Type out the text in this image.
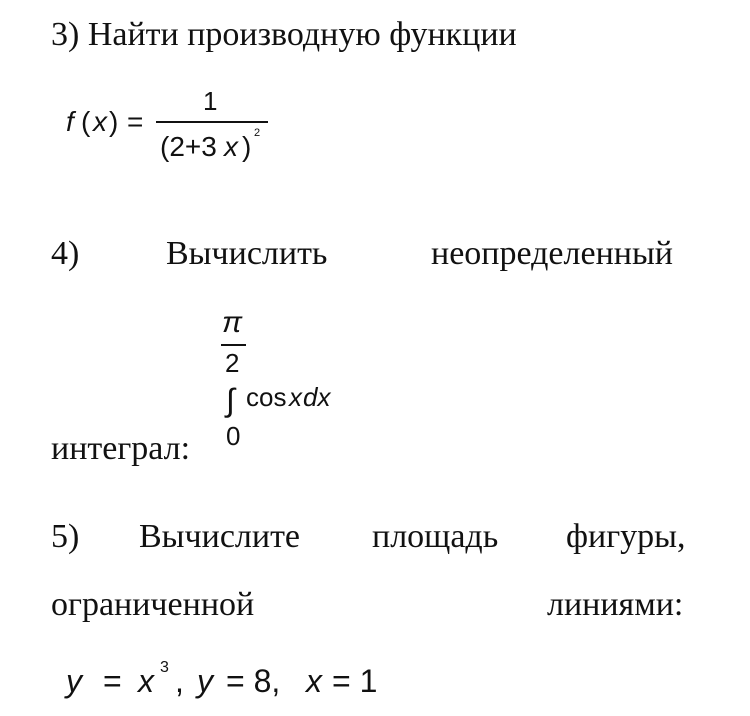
3) Найти производную функции
f ( x ) =
1
(2+3 x ) 2
4)	Вычислить	неопределенный
π
2
∫ cos x dx
0
интеграл:
5) Вычислите площадь фигуры,
ограниченной	линиями:
y = x 3 , y = 8, x = 1
